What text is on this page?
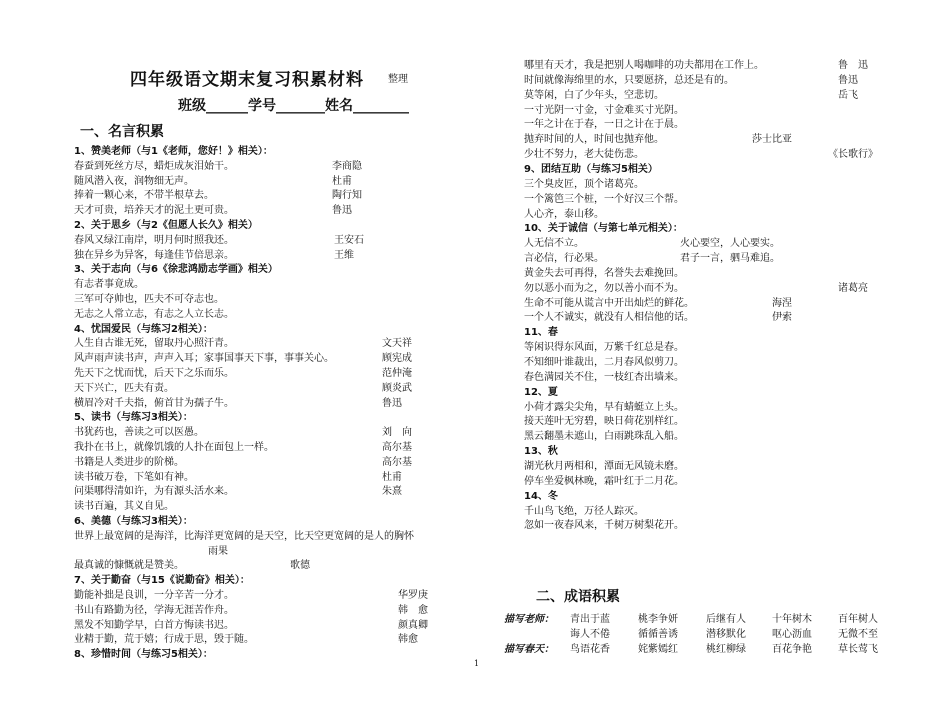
四年级语文期末复习积累材料 整理
班级______学号_______姓名________
一、名言积累
1、赞美老师（与1《老师，您好！》相关）：
春蚕到死丝方尽，蜡炬成灰泪始干。	李商隐
随风潜入夜，润物细无声。	杜甫
捧着一颗心来，不带半根草去。	陶行知
天才可贵，培养天才的泥土更可贵。	鲁迅
2、关于思乡（与2《但愿人长久》相关）
春风又绿江南岸，明月何时照我还。	王安石
独在异乡为异客，每逢佳节倍思亲。	王维
3、关于志向（与6《徐悲鸿励志学画》相关）
有志者事竟成。
三军可夺帅也，匹夫不可夺志也。
无志之人常立志，有志之人立长志。
4、忧国爱民（与练习2相关）：
人生自古谁无死，留取丹心照汗青。	文天祥
风声雨声读书声，声声入耳；家事国事天下事，事事关心。	顾宪成
先天下之忧而忧，后天下之乐而乐。	范仲淹
天下兴亡，匹夫有责。	顾炎武
横眉冷对千夫指，俯首甘为孺子牛。	鲁迅
5、读书（与练习3相关）：
书犹药也，善读之可以医愚。	刘　向
我扑在书上，就像饥饿的人扑在面包上一样。	高尔基
书籍是人类进步的阶梯。	高尔基
读书破万卷，下笔如有神。	杜甫
问渠哪得清如许，为有源头活水来。	朱熹
读书百遍，其义自见。
6、美德（与练习3相关）：
世界上最宽阔的是海洋，比海洋更宽阔的是天空，比天空更宽阔的是人的胸怀
雨果
最真诚的慷慨就是赞美。	歌德
7、关于勤奋（与15《说勤奋》相关）：
勤能补拙是良训，一分辛苦一分才。	华罗庚
书山有路勤为径，学海无涯苦作舟。	韩　愈
黑发不知勤学早，白首方悔读书迟。	颜真卿
业精于勤，荒于嬉；行成于思，毁于随。	韩愈
8、珍惜时间（与练习5相关）：
哪里有天才，我是把别人喝咖啡的功夫都用在工作上。	鲁　迅
时间就像海绵里的水，只要愿挤，总还是有的。	鲁迅
莫等闲，白了少年头，空悲切。	岳飞
一寸光阴一寸金，寸金难买寸光阴。
一年之计在于春，一日之计在于晨。
抛弃时间的人，时间也抛弃他。	莎士比亚
少壮不努力，老大徒伤悲。	《长歌行》
9、团结互助（与练习5相关）
三个臭皮匠，顶个诸葛亮。
一个篱笆三个桩，一个好汉三个帮。
人心齐，泰山移。
10、关于诚信（与第七单元相关）：
人无信不立。	火心要空，人心要实。
言必信，行必果。	君子一言，驷马难追。
黄金失去可再得，名誉失去难挽回。
勿以恶小而为之，勿以善小而不为。	诸葛亮
生命不可能从谎言中开出灿烂的鲜花。	海涅
一个人不诚实，就没有人相信他的话。	伊索
11、春
等闲识得东风面，万紫千红总是春。
不知细叶谁裁出，二月春风似剪刀。
春色满园关不住，一枝红杏出墙来。
12、夏
小荷才露尖尖角，早有蜻蜓立上头。
接天莲叶无穷碧，映日荷花别样红。
黑云翻墨未遮山，白雨跳珠乱入船。
13、秋
湖光秋月两相和，潭面无风镜未磨。
停车坐爱枫林晚，霜叶红于二月花。
14、冬
千山鸟飞绝，万径人踪灭。
忽如一夜春风来，千树万树梨花开。
二、成语积累
描写老师： 青出于蓝	桃李争妍	后继有人	十年树木	百年树人
诲人不倦	循循善诱	潜移默化	呕心沥血	无微不至
描写春天： 鸟语花香	姹紫嫣红	桃红柳绿	百花争艳	草长莺飞
1
